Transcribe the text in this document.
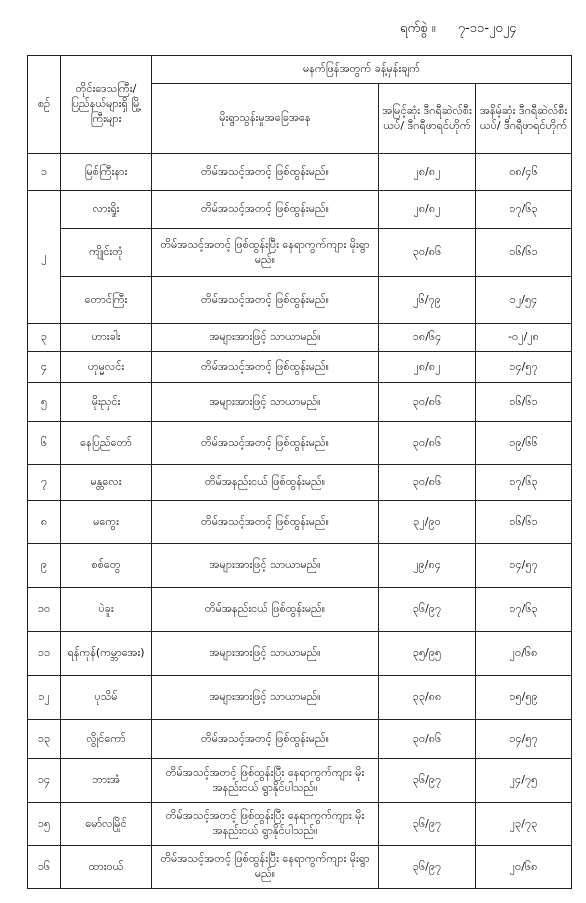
ရက်စွဲ ။ ၇-၁၁-၂၀၂၄
စဉ်	တိုင်းဒေသကြီး/ ပြည်နယ်များရှိ မြို့ကြီးများ	မနက်ဖြန်အတွက် ခန့်မှန်းချက်		
		မိုးရွာသွန်းမှုအခြေအနေ	အမြင့်ဆုံး ဒီဂရီဆဲလ်စီးယပ်/ ဒီဂရီဖာရင်ဟိုက်	အနိမ့်ဆုံး ဒီဂရီဆဲလ်စီးယပ်/ ဒီဂရီဖာရင်ဟိုက်
၁	မြစ်ကြီးနား	တိမ်အသင့်အတင့် ဖြစ်ထွန်းမည်။	၂၈/၈၂	၀၈/၄၆
၂	လားရှိုး	တိမ်အသင့်အတင့် ဖြစ်ထွန်းမည်။	၂၈/၈၂	၁၇/၆၃
	ကျိုင်းတုံ	တိမ်အသင့်အတင့် ဖြစ်ထွန်းပြီး နေရာကွက်ကျား မိုးရွာမည်။	၃၀/၈၆	၁၆/၆၁
	တောင်ကြီး	တိမ်အသင့်အတင့် ဖြစ်ထွန်းမည်။	၂၆/၇၉	၁၂/၅၄
၃	ဟားခါး	အများအားဖြင့် သာယာမည်။	၁၈/၆၄	-၀၂/၂၈
၄	ဟုမ္မလင်း	တိမ်အသင့်အတင့် ဖြစ်ထွန်းမည်။	၂၈/၈၂	၁၄/၅၇
၅	မိုးညှင်း	အများအားဖြင့် သာယာမည်။	၃၀/၈၆	၁၆/၆၁
၆	နေပြည်တော်	တိမ်အသင့်အတင့် ဖြစ်ထွန်းမည်။	၃၀/၈၆	၁၉/၆၆
၇	မန္တလေး	တိမ်အနည်းငယ် ဖြစ်ထွန်းမည်။	၃၀/၈၆	၁၇/၆၃
၈	မကွေး	တိမ်အသင့်အတင့် ဖြစ်ထွန်းမည်။	၃၂/၉၀	၁၆/၆၁
၉	စစ်တွေ	အများအားဖြင့် သာယာမည်။	၂၉/၈၄	၁၄/၅၇
၁၀	ပဲခူး	တိမ်အနည်းငယ် ဖြစ်ထွန်းမည်။	၃၆/၉၇	၁၇/၆၃
၁၁	ရန်ကုန်(ကမ္ဘာအေး)	အများအားဖြင့် သာယာမည်။	၃၅/၉၅	၂၀/၆၈
၁၂	ပုသိမ်	အများအားဖြင့် သာယာမည်။	၃၃/၈၈	၁၅/၅၉
၁၃	လွိုင်ကော်	တိမ်အသင့်အတင့် ဖြစ်ထွန်းမည်။	၃၀/၈၆	၁၄/၅၇
၁၄	ဘားအံ	တိမ်အသင့်အတင့် ဖြစ်ထွန်းပြီး နေရာကွက်ကျား မိုးအနည်းငယ် ရွာနိုင်ပါသည်။	၃၆/၉၇	၂၄/၇၅
၁၅	မော်လမြိုင်	တိမ်အသင့်အတင့် ဖြစ်ထွန်းပြီး နေရာကွက်ကျား မိုးအနည်းငယ် ရွာနိုင်ပါသည်။	၃၆/၉၇	၂၃/၇၃
၁၆	ထားဝယ်	တိမ်အသင့်အတင့် ဖြစ်ထွန်းပြီး နေရာကွက်ကျား မိုးရွာမည်။	၃၆/၉၇	၂၀/၆၈
